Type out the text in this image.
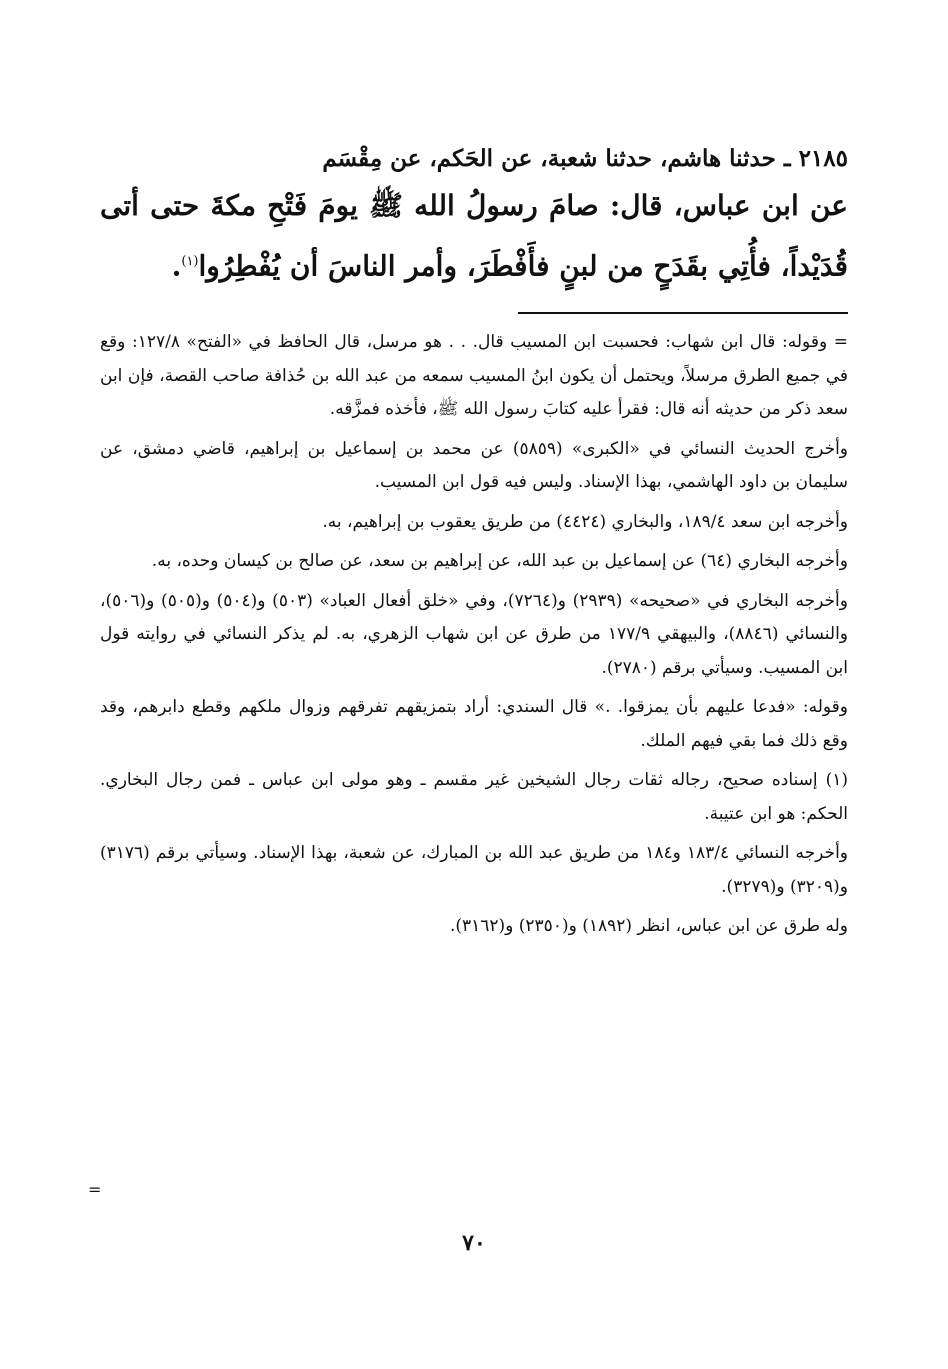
٢١٨٥ ـ حدثنا هاشم، حدثنا شعبة، عن الحَكم، عن مِقْسَم

عن ابن عباس، قال: صامَ رسولُ الله ﷺ يومَ فَتْحِ مكةَ حتى أتى قُدَيْداً، فأُتِي بقَدَحٍ من لبنٍ فأَفْطَرَ، وأمر الناسَ أن يُفْطِرُوا$^{(١)}$.

= وقوله: قال ابن شهاب: فحسبت ابن المسيب قال. . . هو مرسل، قال الحافظ في «الفتح» ١٢٧/٨: وقع في جميع الطرق مرسلاً، ويحتمل أن يكون ابنُ المسيب سمعه من عبد الله بن حُذافة صاحب القصة، فإن ابن سعد ذكر من حديثه أنه قال: فقرأ عليه كتابَ رسول الله ﷺ، فأخذه فمزَّقه.

وأخرج الحديث النسائي في «الكبرى» (٥٨٥٩) عن محمد بن إسماعيل بن إبراهيم، قاضي دمشق، عن سليمان بن داود الهاشمي، بهذا الإسناد. وليس فيه قول ابن المسيب.

وأخرجه ابن سعد ١٨٩/٤، والبخاري (٤٤٢٤) من طريق يعقوب بن إبراهيم، به.

وأخرجه البخاري (٦٤) عن إسماعيل بن عبد الله، عن إبراهيم بن سعد، عن صالح بن كيسان وحده، به.

وأخرجه البخاري في «صحيحه» (٢٩٣٩) و(٧٢٦٤)، وفي «خلق أفعال العباد» (٥٠٣) و(٥٠٤) و(٥٠٥) و(٥٠٦)، والنسائي (٨٨٤٦)، والبيهقي ١٧٧/٩ من طرق عن ابن شهاب الزهري، به. لم يذكر النسائي في روايته قول ابن المسيب. وسيأتي برقم (٢٧٨٠).

وقوله: «فدعا عليهم بأن يمزقوا. .» قال السندي: أراد بتمزيقهم تفرقهم وزوال ملكهم وقطع دابرهم، وقد وقع ذلك فما بقي فيهم الملك.

(١) إسناده صحيح، رجاله ثقات رجال الشيخين غير مقسم ـ وهو مولى ابن عباس ـ فمن رجال البخاري. الحكم: هو ابن عتيبة.

وأخرجه النسائي ١٨٣/٤ و١٨٤ من طريق عبد الله بن المبارك، عن شعبة، بهذا الإسناد. وسيأتي برقم (٣١٧٦) و(٣٢٠٩) و(٣٢٧٩).

وله طرق عن ابن عباس، انظر (١٨٩٢) و(٢٣٥٠) و(٣١٦٢).

=
٧٠
